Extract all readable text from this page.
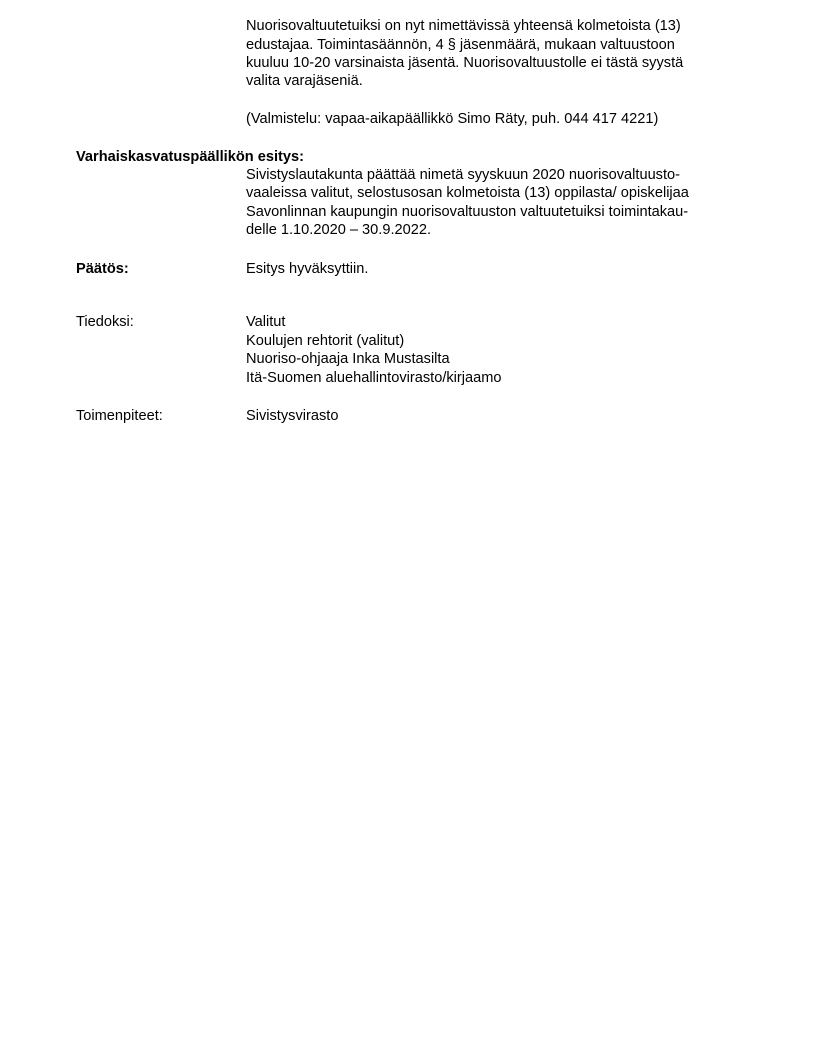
Nuorisovaltuutetuiksi on nyt nimettävissä yhteensä kolmetoista (13)
edustajaa. Toimintasäännön, 4 § jäsenmäärä, mukaan valtuustoon
kuuluu 10-20 varsinaista jäsentä. Nuorisovaltuustolle ei tästä syystä
valita varajäseniä.
(Valmistelu: vapaa-aikapäällikkö Simo Räty, puh. 044 417 4221)
Varhaiskasvatuspäällikön esitys:
Sivistyslautakunta päättää nimetä syyskuun 2020 nuorisovaltuusto-
vaaleissa valitut, selostusosan kolmetoista (13) oppilasta/ opiskelijaa
Savonlinnan kaupungin nuorisovaltuuston valtuutetuiksi toimintakau-
delle 1.10.2020 – 30.9.2022.
Päätös:	Esitys hyväksyttiin.
Tiedoksi:	Valitut
Koulujen rehtorit (valitut)
Nuoriso-ohjaaja Inka Mustasilta
Itä-Suomen aluehallintovirasto/kirjaamo
Toimenpiteet:	Sivistysvirasto
